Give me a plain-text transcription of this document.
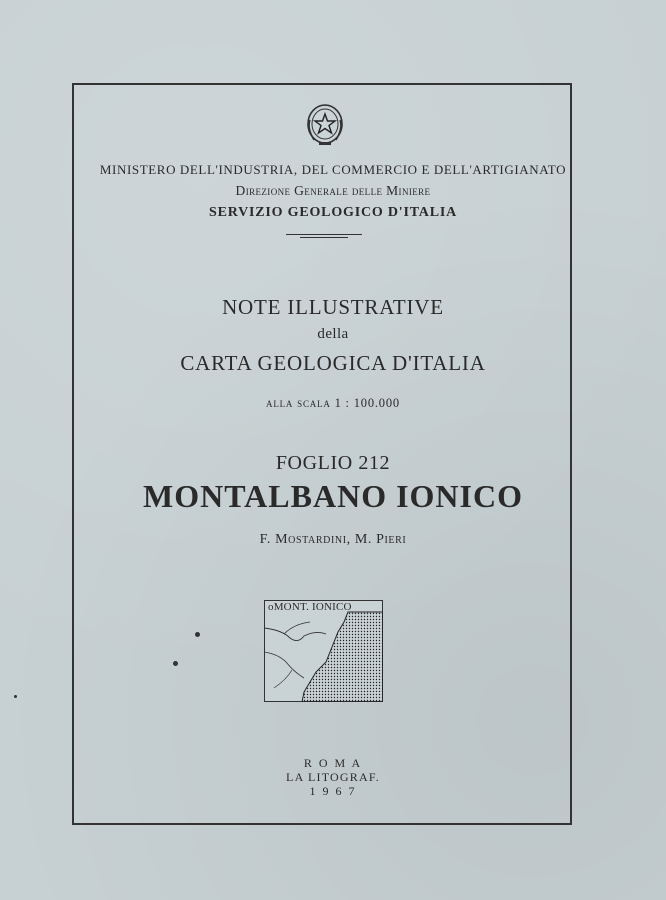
MINISTERO DELL'INDUSTRIA, DEL COMMERCIO E DELL'ARTIGIANATO
Direzione Generale delle Miniere
SERVIZIO GEOLOGICO D'ITALIA
NOTE ILLUSTRATIVE
della
CARTA GEOLOGICA D'ITALIA
alla scala 1 : 100.000
FOGLIO 212
MONTALBANO IONICO
F. Mostardini, M. Pieri
oMONT. IONICO
R O M A
LA LITOGRAF.
1 9 6 7
